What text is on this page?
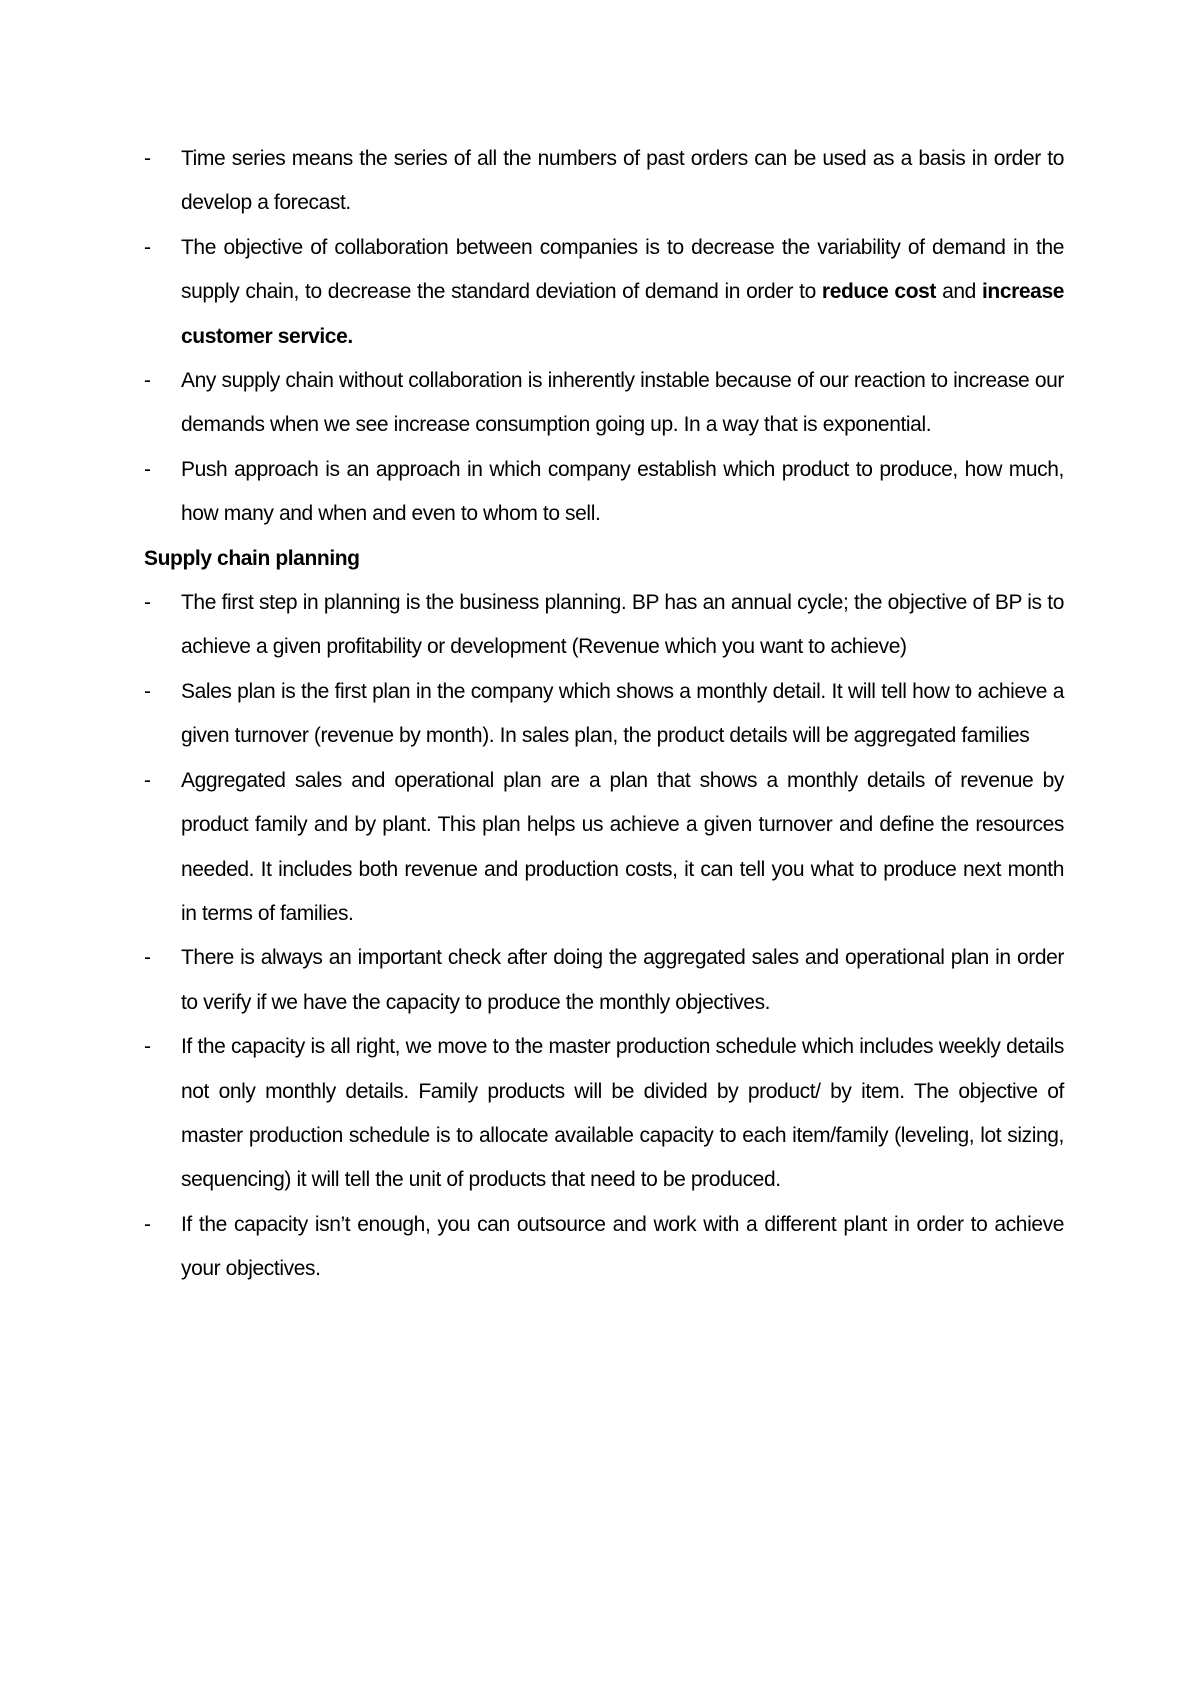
- Time series means the series of all the numbers of past orders can be used as a basis in order to develop a forecast.
- The objective of collaboration between companies is to decrease the variability of demand in the supply chain, to decrease the standard deviation of demand in order to reduce cost and increase customer service.
- Any supply chain without collaboration is inherently instable because of our reaction to increase our demands when we see increase consumption going up. In a way that is exponential.
- Push approach is an approach in which company establish which product to produce, how much, how many and when and even to whom to sell.
Supply chain planning
- The first step in planning is the business planning. BP has an annual cycle; the objective of BP is to achieve a given profitability or development (Revenue which you want to achieve)
- Sales plan is the first plan in the company which shows a monthly detail. It will tell how to achieve a given turnover (revenue by month). In sales plan, the product details will be aggregated families
- Aggregated sales and operational plan are a plan that shows a monthly details of revenue by product family and by plant. This plan helps us achieve a given turnover and define the resources needed. It includes both revenue and production costs, it can tell you what to produce next month in terms of families.
- There is always an important check after doing the aggregated sales and operational plan in order to verify if we have the capacity to produce the monthly objectives.
- If the capacity is all right, we move to the master production schedule which includes weekly details not only monthly details. Family products will be divided by product/ by item. The objective of master production schedule is to allocate available capacity to each item/family (leveling, lot sizing, sequencing) it will tell the unit of products that need to be produced.
- If the capacity isn’t enough, you can outsource and work with a different plant in order to achieve your objectives.
